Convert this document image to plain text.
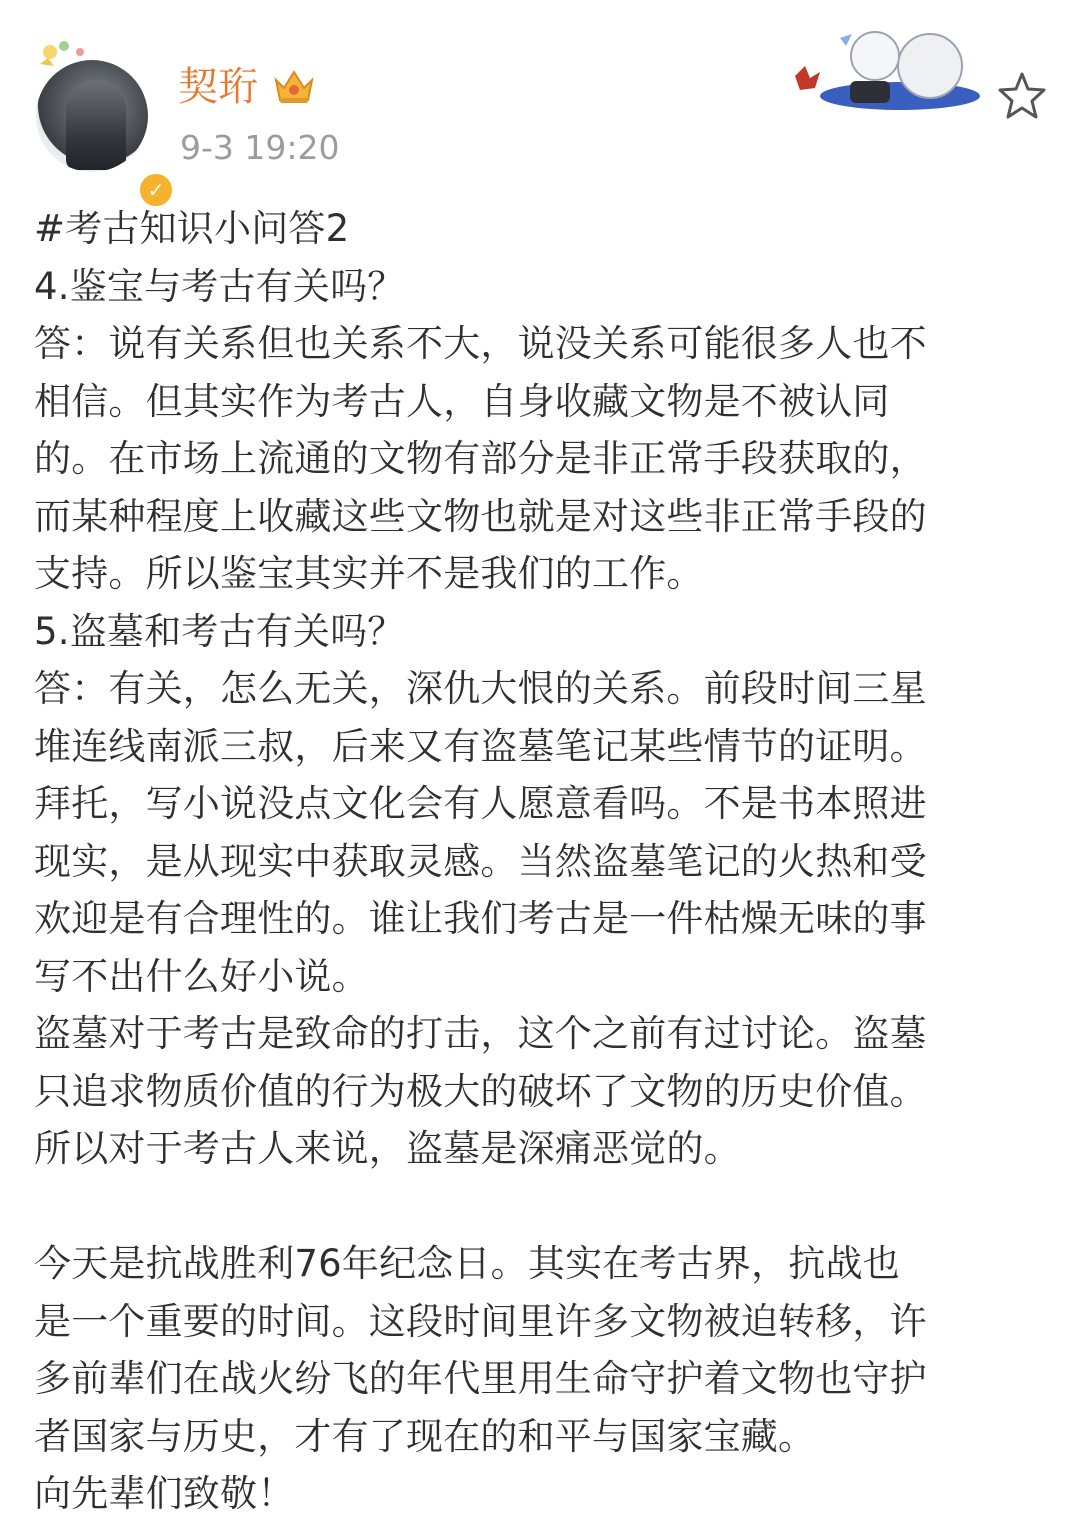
✓
契珩
9-3 19:20
#考古知识小问答2
4.鉴宝与考古有关吗？
答：说有关系但也关系不大，说没关系可能很多人也不
相信。但其实作为考古人，自身收藏文物是不被认同
的。在市场上流通的文物有部分是非正常手段获取的，
而某种程度上收藏这些文物也就是对这些非正常手段的
支持。所以鉴宝其实并不是我们的工作。
5.盗墓和考古有关吗？
答：有关，怎么无关，深仇大恨的关系。前段时间三星
堆连线南派三叔，后来又有盗墓笔记某些情节的证明。
拜托，写小说没点文化会有人愿意看吗。不是书本照进
现实，是从现实中获取灵感。当然盗墓笔记的火热和受
欢迎是有合理性的。谁让我们考古是一件枯燥无味的事
写不出什么好小说。
盗墓对于考古是致命的打击，这个之前有过讨论。盗墓
只追求物质价值的行为极大的破坏了文物的历史价值。
所以对于考古人来说，盗墓是深痛恶觉的。
今天是抗战胜利76年纪念日。其实在考古界，抗战也
是一个重要的时间。这段时间里许多文物被迫转移，许
多前辈们在战火纷飞的年代里用生命守护着文物也守护
者国家与历史，才有了现在的和平与国家宝藏。
向先辈们致敬！
